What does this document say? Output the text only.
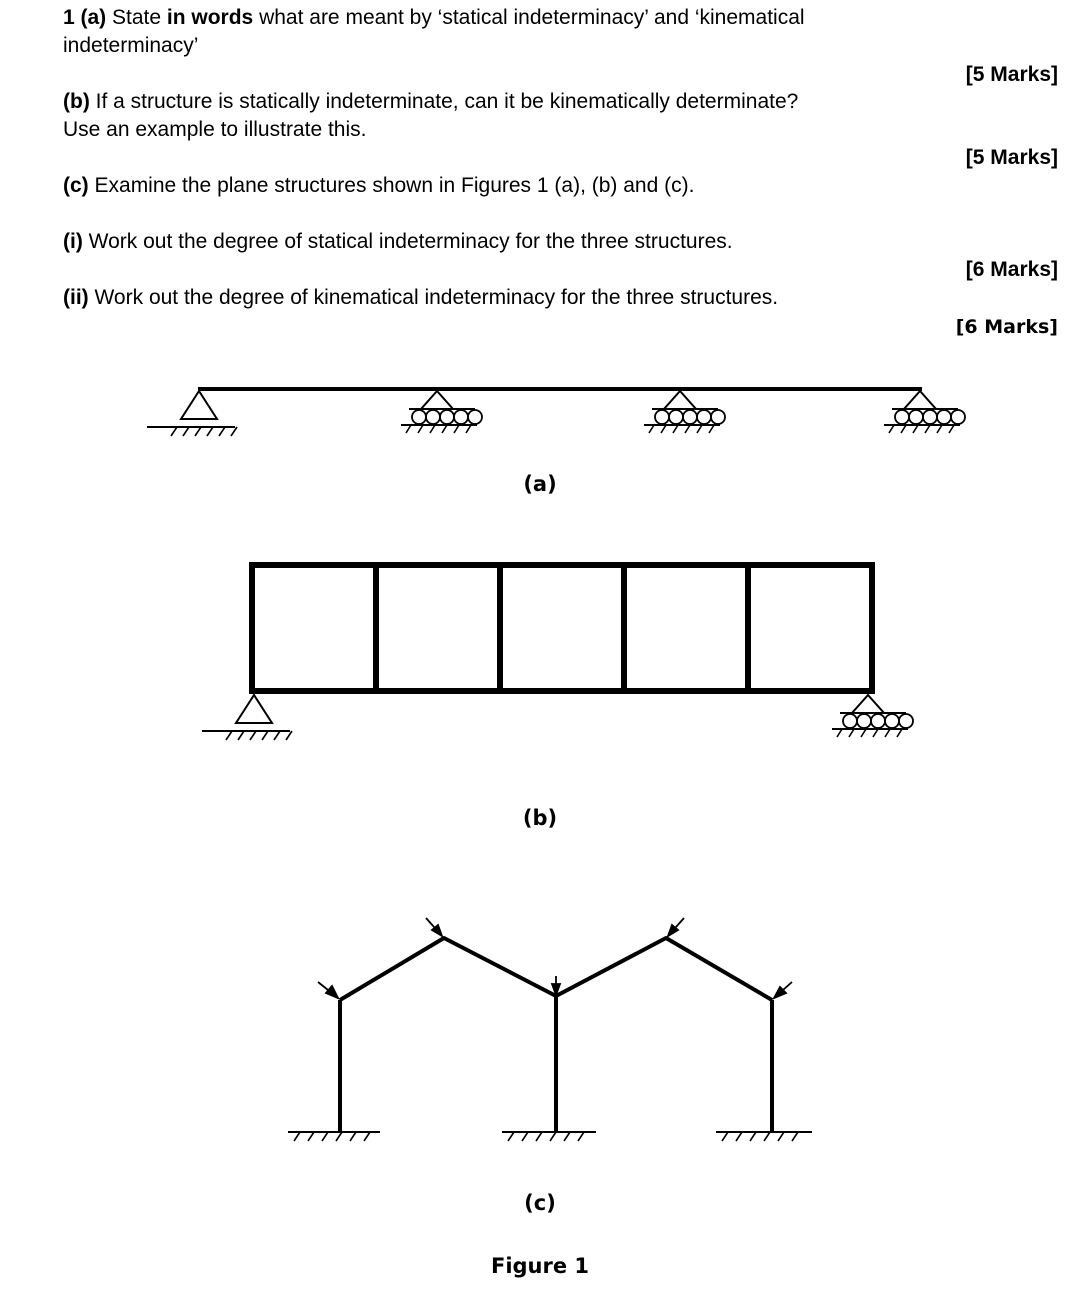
1 (a) State in words what are meant by ‘statical indeterminacy’ and ‘kinematical
indeterminacy’

[5 Marks]

(b) If a structure is statically indeterminate, can it be kinematically determinate?
Use an example to illustrate this.

[5 Marks]

(c) Examine the plane structures shown in Figures 1 (a), (b) and (c).

(i) Work out the degree of statical indeterminacy for the three structures.

[6 Marks]

(ii) Work out the degree of kinematical indeterminacy for the three structures.

[6 Marks]
(a)
(b)
(c)
Figure 1
